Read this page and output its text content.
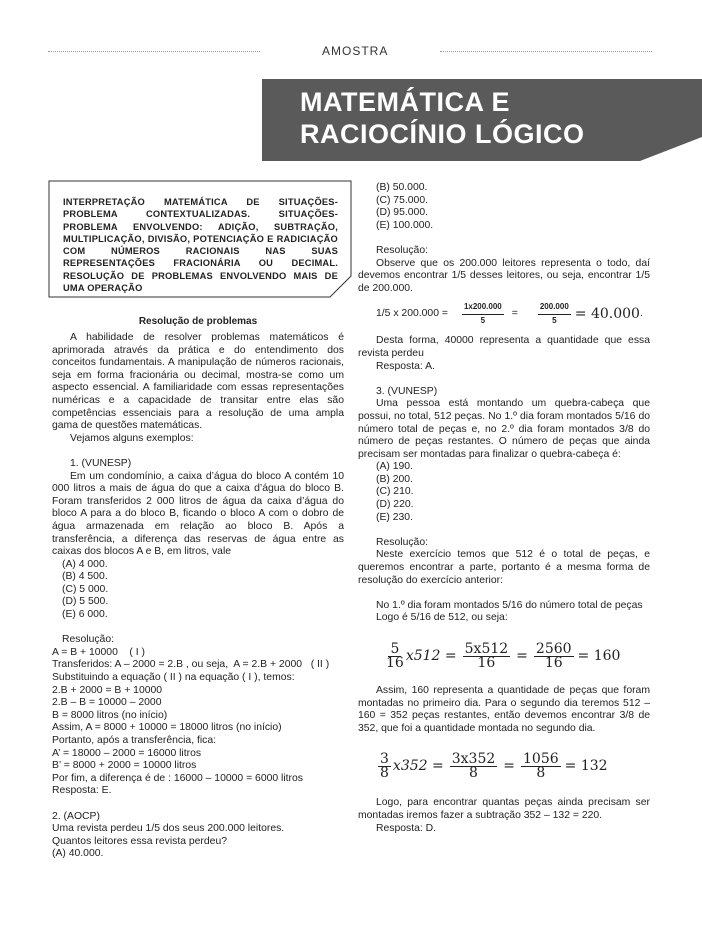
AMOSTRA
MATEMÁTICA E
RACIOCÍNIO LÓGICO
INTERPRETAÇÃO MATEMÁTICA DE SITUAÇÕES-PROBLEMA CONTEXTUALIZADAS. SITUAÇÕES-PROBLEMA ENVOLVENDO: ADIÇÃO, SUBTRAÇÃO, MULTIPLICAÇÃO, DIVISÃO, POTENCIAÇÃO E RADICIAÇÃO COM NÚMEROS RACIONAIS NAS SUAS REPRESENTAÇÕES FRACIONÁRIA OU DECIMAL. RESOLUÇÃO DE PROBLEMAS ENVOLVENDO MAIS DE UMA OPERAÇÃO
Resolução de problemas

A habilidade de resolver problemas matemáticos é aprimorada através da prática e do entendimento dos conceitos fundamentais. A manipulação de números racionais, seja em forma fracionária ou decimal, mostra-se como um aspecto essencial. A familiaridade com essas representações numéricas e a capacidade de transitar entre elas são competências essenciais para a resolução de uma ampla gama de questões matemáticas.

Vejamos alguns exemplos:

1. (VUNESP)

Em um condomínio, a caixa d’água do bloco A contém 10 000 litros a mais de água do que a caixa d’água do bloco B. Foram transferidos 2 000 litros de água da caixa d’água do bloco A para a do bloco B, ficando o bloco A com o dobro de água armazenada em relação ao bloco B. Após a transferência, a diferença das reservas de água entre as caixas dos blocos A e B, em litros, vale

(A) 4 000.

(B) 4 500.

(C) 5 000.

(D) 5 500.

(E) 6 000.

Resolução:

A = B + 10000    ( I )

Transferidos: A – 2000 = 2.B , ou seja,  A = 2.B + 2000   ( II )

Substituindo a equação ( II ) na equação ( I ), temos:

2.B + 2000 = B + 10000

2.B – B = 10000 – 2000

B = 8000 litros (no início)

Assim, A = 8000 + 10000 = 18000 litros (no início)

Portanto, após a transferência, fica:

A’ = 18000 – 2000 = 16000 litros

B’ = 8000 + 2000 = 10000 litros

Por fim, a diferença é de : 16000 – 10000 = 6000 litros

Resposta: E.

2. (AOCP)

Uma revista perdeu 1/5 dos seus 200.000 leitores.

Quantos leitores essa revista perdeu?

(A) 40.000.

(B) 50.000.

(C) 75.000.

(D) 95.000.

(E) 100.000.

Resolução:

Observe que os 200.000 leitores representa o todo, daí devemos encontrar 1/5 desses leitores, ou seja, encontrar 1/5 de 200.000.

1/5 x $200.000 = \frac{1x200.000}{5}$ =	$\frac{200.000}{5} = 40.000$ .

Desta forma, 40000 representa a quantidade que essa revista perdeu

Resposta: A.

3. (VUNESP)

Uma pessoa está montando um quebra-cabeça que possui, no total, 512 peças. No 1.º dia foram montados 5/16 do número total de peças e, no 2.º dia foram montados 3/8 do número de peças restantes. O número de peças que ainda precisam ser montadas para finalizar o quebra-cabeça é:

(A) 190.

(B) 200.

(C) 210.

(D) 220.

(E) 230.

Resolução:

Neste exercício temos que 512 é o total de peças, e queremos encontrar a parte, portanto é a mesma forma de resolução do exercício anterior:

No 1.º dia foram montados 5/16 do número total de peças

Logo é 5/16 de 512, ou seja:

$\frac{5}{16} x512 = \frac{5x512}{16} = \frac{2560}{16} = 160$

Assim, 160 representa a quantidade de peças que foram montadas no primeiro dia. Para o segundo dia teremos 512 – 160 = 352 peças restantes, então devemos encontrar 3/8 de 352, que foi a quantidade montada no segundo dia.

$\frac{3}{8} x352 = \frac{3x352}{8} = \frac{1056}{8} = 132$

Logo, para encontrar quantas peças ainda precisam ser montadas iremos fazer a subtração 352 – 132 = 220.

Resposta: D.
